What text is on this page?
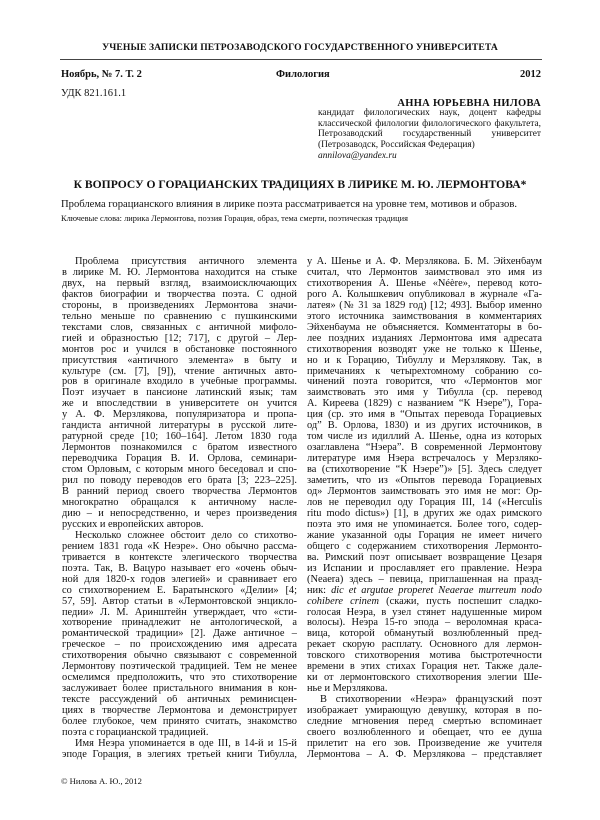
УЧЕНЫЕ ЗАПИСКИ ПЕТРОЗАВОДСКОГО ГОСУДАРСТВЕННОГО УНИВЕРСИТЕТА
Ноябрь, № 7. Т. 2	Филология	2012
УДК 821.161.1
АННА ЮРЬЕВНА НИЛОВА
кандидат филологических наук, доцент кафедры классической филологии филологического факультета, Петрозаводский государственный университет (Петрозаводск, Российская Федерация)
annilova@yandex.ru
К ВОПРОСУ О ГОРАЦИАНСКИХ ТРАДИЦИЯХ В ЛИРИКЕ М. Ю. ЛЕРМОНТОВА*
Проблема горацианского влияния в лирике поэта рассматривается на уровне тем, мотивов и образов.
Ключевые слова: лирика Лермонтова, поэзия Горация, образ, тема смерти, поэтическая традиция
Проблема присутствия античного элемента
в лирике М. Ю. Лермонтова находится на стыке
двух, на первый взгляд, взаимоисключающих
фактов биографии и творчества поэта. С одной
стороны, в произведениях Лермонтова значи-
тельно меньше по сравнению с пушкинскими
текстами слов, связанных с античной мифоло-
гией и образностью [12; 717], с другой – Лер-
монтов рос и учился в обстановке постоянного
присутствия «античного элемента» в быту и
культуре (см. [7], [9]), чтение античных авто-
ров в оригинале входило в учебные программы.
Поэт изучает в пансионе латинский язык; там
же и впоследствии в университете он учится
у А. Ф. Мерзлякова, популяризатора и пропа-
гандиста античной литературы в русской лите-
ратурной среде [10; 160–164]. Летом 1830 года
Лермонтов познакомился с братом известного
переводчика Горация В. И. Орлова, семинари-
стом Орловым, с которым много беседовал и спо-
рил по поводу переводов его брата [3; 223–225].
В ранний период своего творчества Лермонтов
многократно обращался к античному насле-
дию – и непосредственно, и через произведения
русских и европейских авторов.
Несколько сложнее обстоит дело со стихотво-
рением 1831 года «К Неэре». Оно обычно рассма-
тривается в контексте элегического творчества
поэта. Так, В. Вацуро называет его «очень обыч-
ной для 1820-х годов элегией» и сравнивает его
со стихотворением Е. Баратынского «Делии» [4;
57, 59]. Автор статьи в «Лермонтовской энцикло-
педии» Л. М. Аринштейн утверждает, что «сти-
хотворение принадлежит не антологической, а
романтической традиции» [2]. Даже античное –
греческое – по происхождению имя адресата
стихотворения обычно связывают с современной
Лермонтову поэтической традицией. Тем не менее
осмелимся предположить, что это стихотворение
заслуживает более пристального внимания в кон-
тексте рассуждений об античных реминисцен-
циях в творчестве Лермонтова и демонстрирует
более глубокое, чем принято считать, знакомство
поэта с горацианской традицией.
Имя Неэра упоминается в оде III, в 14-й и 15-й
эподе Горация, в элегиях третьей книги Тибулла,
у А. Шенье и А. Ф. Мерзлякова. Б. М. Эйхенбаум
считал, что Лермонтов заимствовал это имя из
стихотворения А. Шенье «Néère», перевод кото-
рого А. Колышкевич опубликовал в журнале «Га-
латея» (№ 31 за 1829 год) [12; 493]. Выбор именно
этого источника заимствования в комментариях
Эйхенбаума не объясняется. Комментаторы в бо-
лее поздних изданиях Лермонтова имя адресата
стихотворения возводят уже не только к Шенье,
но и к Горацию, Тибуллу и Мерзлякову. Так, в
примечаниях к четырехтомному собранию со-
чинений поэта говорится, что «Лермонтов мог
заимствовать это имя у Тибулла (ср. перевод
А. Киреева (1829) с названием “К Нэере”), Гора-
ция (ср. это имя в “Опытах перевода Горациевых
од” В. Орлова, 1830) и из других источников, в
том числе из идиллий А. Шенье, одна из которых
озаглавлена “Нэера”. В современной Лермонтову
литературе имя Нэера встречалось у Мерзляко-
ва (стихотворение “К Нэере”)» [5]. Здесь следует
заметить, что из «Опытов перевода Горациевых
од» Лермонтов заимствовать это имя не мог: Ор-
лов не переводил оду Горация III, 14 («Herculis
ritu modo dictus») [1], в других же одах римского
поэта это имя не упоминается. Более того, содер-
жание указанной оды Горация не имеет ничего
общего с содержанием стихотворения Лермонто-
ва. Римский поэт описывает возвращение Цезаря
из Испании и прославляет его правление. Неэра
(Neaera) здесь – певица, приглашенная на празд-
ник: dic et argutae properet Neaerae murreum nodo
cohibere crinem (скажи, пусть поспешит сладко-
голосая Неэра, в узел стянет надушенные миром
волосы). Неэра 15-го эпода – вероломная краса-
вица, которой обманутый возлюбленный пред-
рекает скорую расплату. Основного для лермон-
товского стихотворения мотива быстротечности
времени в этих стихах Горация нет. Также дале-
ки от лермонтовского стихотворения элегии Ше-
нье и Мерзлякова.
В стихотворении «Неэра» французский поэт
изображает умирающую девушку, которая в по-
следние мгновения перед смертью вспоминает
своего возлюбленного и обещает, что ее душа
прилетит на его зов. Произведение же учителя
Лермонтова – А. Ф. Мерзлякова – представляет
© Нилова А. Ю., 2012
